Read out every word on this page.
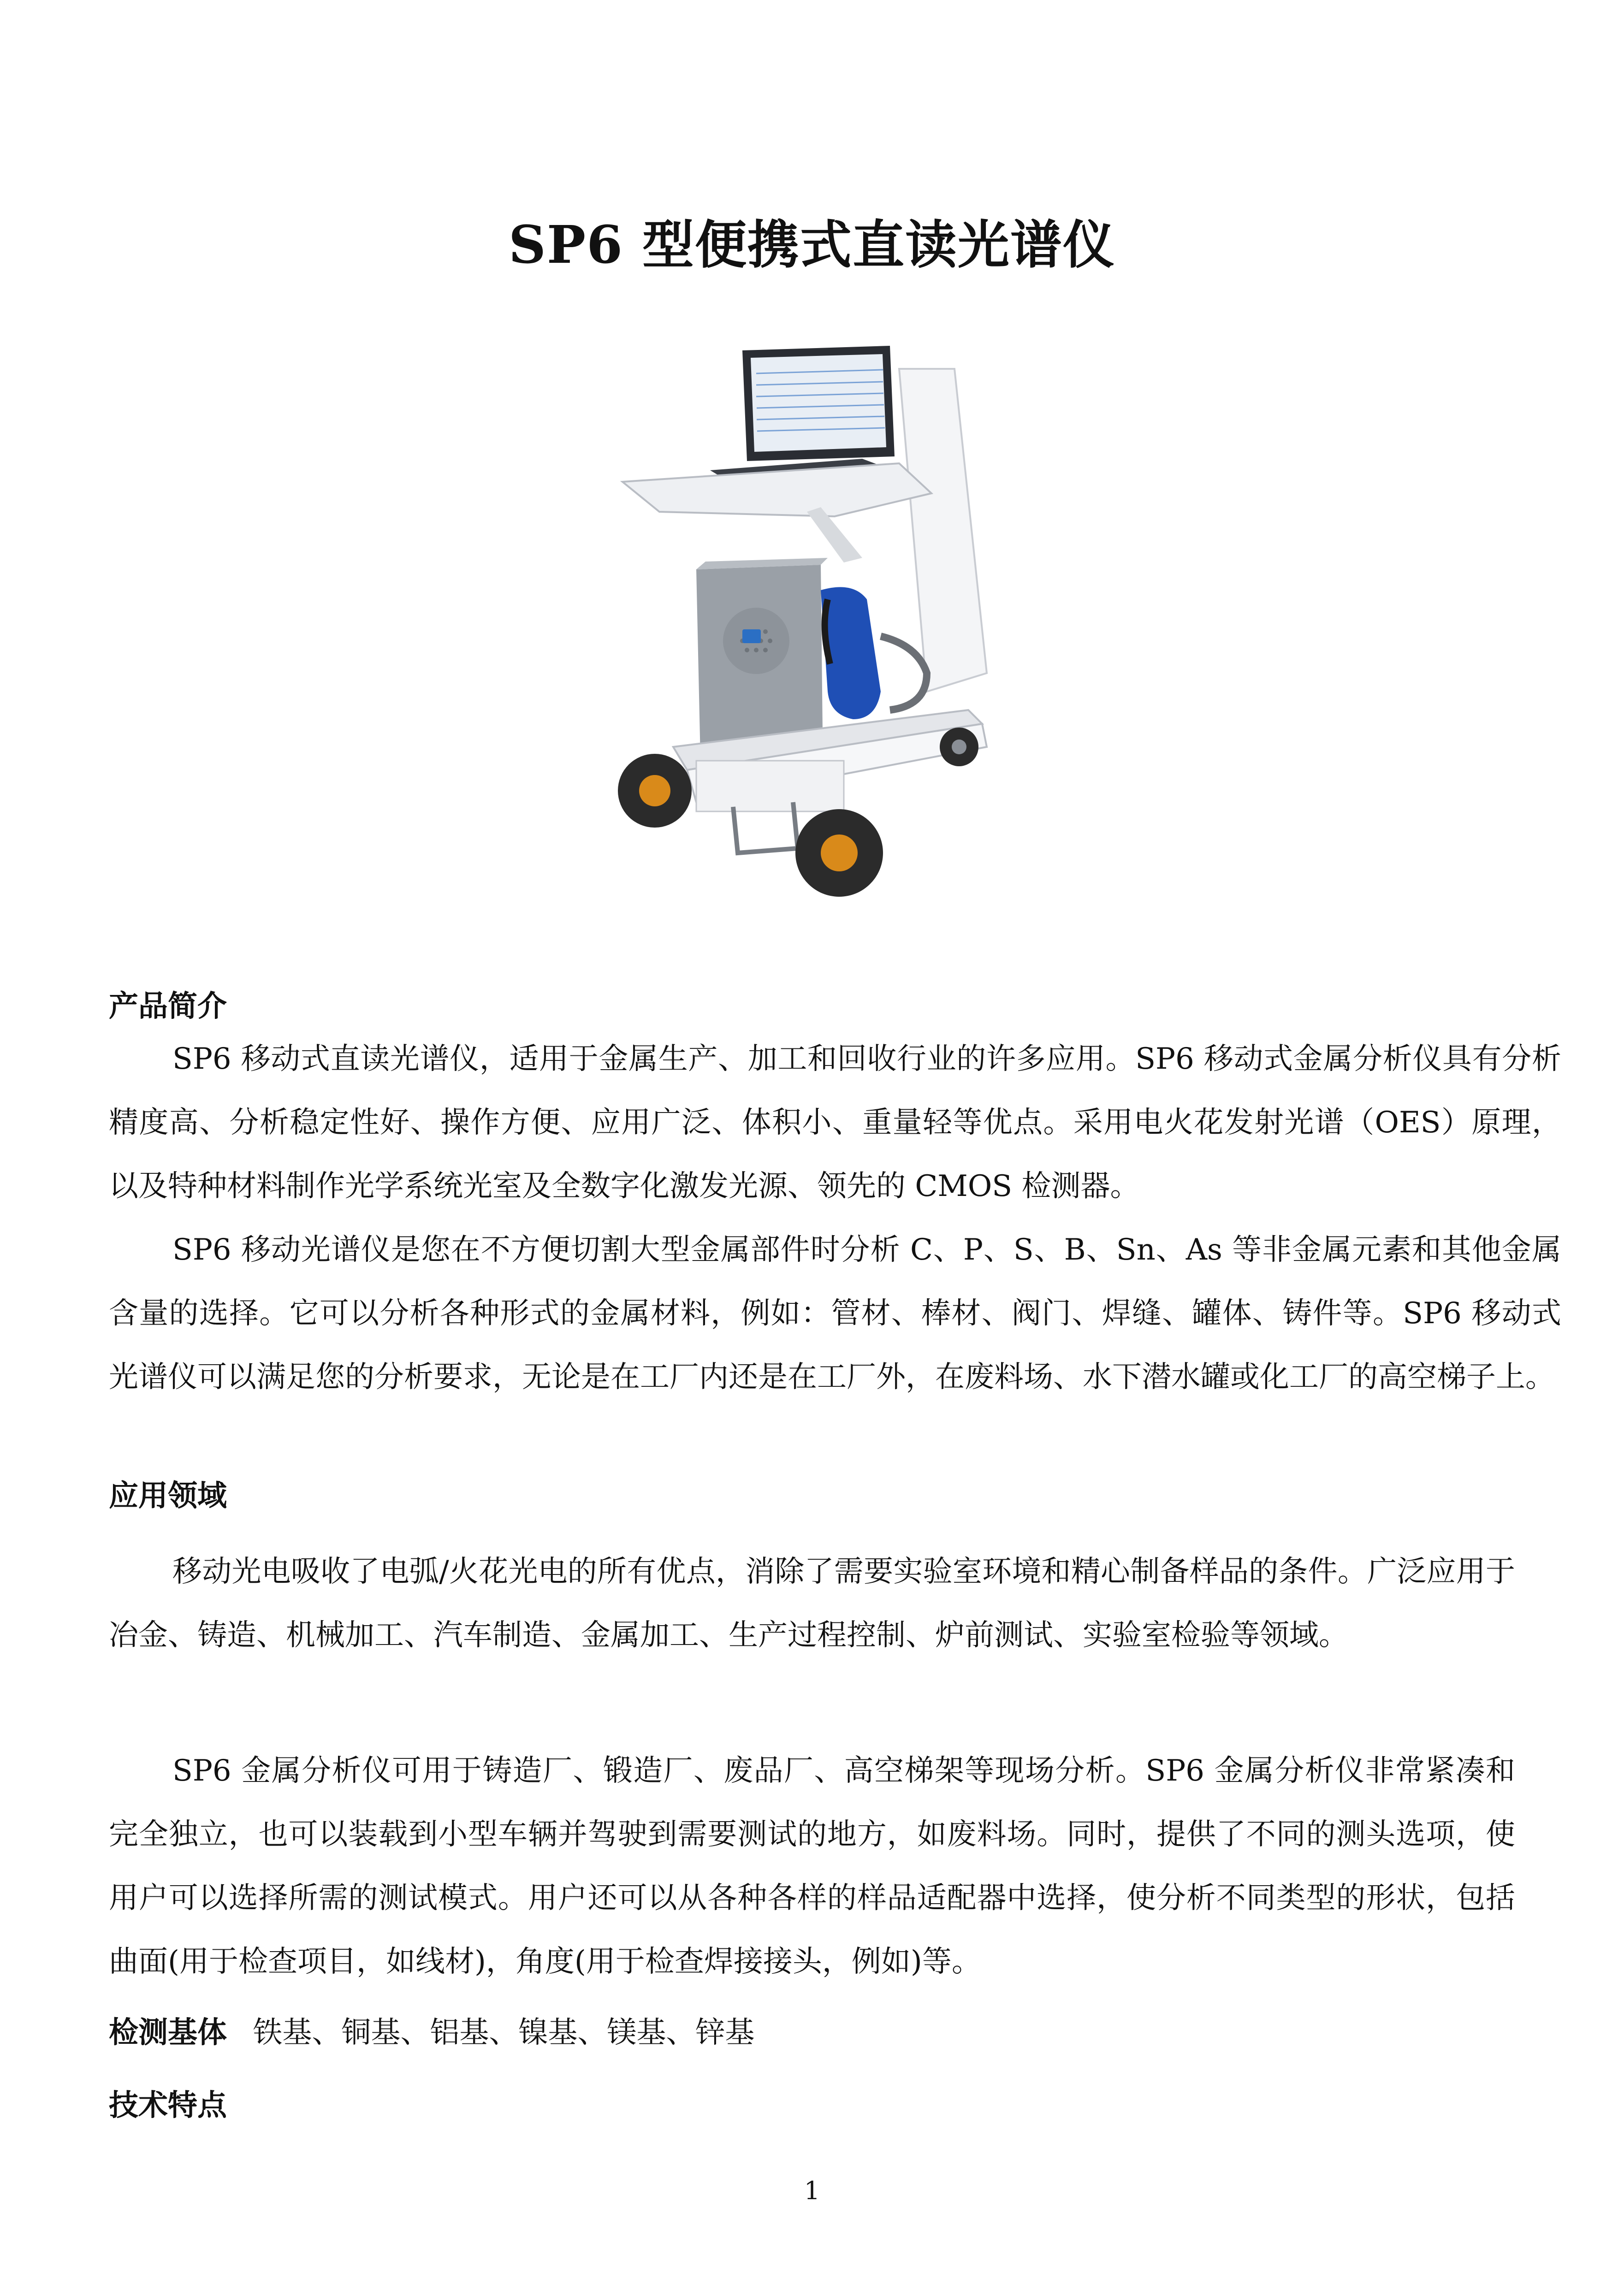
SP6 型便携式直读光谱仪
产品简介

SP6 移动式直读光谱仪，适用于金属生产、加工和回收行业的许多应用。SP6 移动式金属分析仪具有分析精度高、分析稳定性好、操作方便、应用广泛、体积小、重量轻等优点。采用电火花发射光谱（OES）原理，以及特种材料制作光学系统光室及全数字化激发光源、领先的 CMOS 检测器。

SP6 移动光谱仪是您在不方便切割大型金属部件时分析 C、P、S、B、Sn、As 等非金属元素和其他金属含量的选择。它可以分析各种形式的金属材料，例如：管材、棒材、阀门、焊缝、罐体、铸件等。SP6 移动式光谱仪可以满足您的分析要求，无论是在工厂内还是在工厂外，在废料场、水下潜水罐或化工厂的高空梯子上。

应用领域

移动光电吸收了电弧/火花光电的所有优点，消除了需要实验室环境和精心制备样品的条件。广泛应用于冶金、铸造、机械加工、汽车制造、金属加工、生产过程控制、炉前测试、实验室检验等领域。

SP6 金属分析仪可用于铸造厂、锻造厂、废品厂、高空梯架等现场分析。SP6 金属分析仪非常紧凑和完全独立，也可以装载到小型车辆并驾驶到需要测试的地方，如废料场。同时，提供了不同的测头选项，使用户可以选择所需的测试模式。用户还可以从各种各样的样品适配器中选择，使分析不同类型的形状，包括曲面(用于检查项目，如线材)，角度(用于检查焊接接头，例如)等。

检测基体 铁基、铜基、铝基、镍基、镁基、锌基
技术特点
1
